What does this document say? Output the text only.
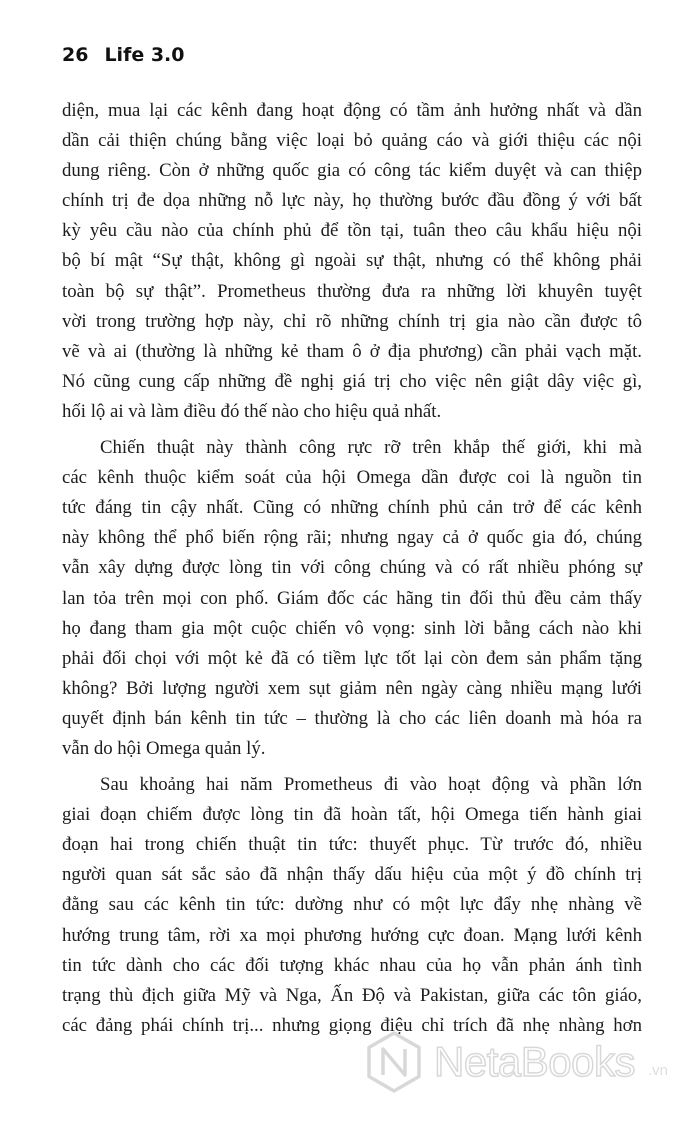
26 Life 3.0

diện, mua lại các kênh đang hoạt động có tầm ảnh hưởng nhất và dần
dần cải thiện chúng bằng việc loại bỏ quảng cáo và giới thiệu các nội
dung riêng. Còn ở những quốc gia có công tác kiểm duyệt và can thiệp
chính trị đe dọa những nỗ lực này, họ thường bước đầu đồng ý với bất
kỳ yêu cầu nào của chính phủ để tồn tại, tuân theo câu khẩu hiệu nội
bộ bí mật “Sự thật, không gì ngoài sự thật, nhưng có thể không phải
toàn bộ sự thật”. Prometheus thường đưa ra những lời khuyên tuyệt
vời trong trường hợp này, chỉ rõ những chính trị gia nào cần được tô
vẽ và ai (thường là những kẻ tham ô ở địa phương) cần phải vạch mặt.
Nó cũng cung cấp những đề nghị giá trị cho việc nên giật dây việc gì,
hối lộ ai và làm điều đó thế nào cho hiệu quả nhất.

Chiến thuật này thành công rực rỡ trên khắp thế giới, khi mà
các kênh thuộc kiểm soát của hội Omega dần được coi là nguồn tin
tức đáng tin cậy nhất. Cũng có những chính phủ cản trở để các kênh
này không thể phổ biến rộng rãi; nhưng ngay cả ở quốc gia đó, chúng
vẫn xây dựng được lòng tin với công chúng và có rất nhiều phóng sự
lan tỏa trên mọi con phố. Giám đốc các hãng tin đối thủ đều cảm thấy
họ đang tham gia một cuộc chiến vô vọng: sinh lời bằng cách nào khi
phải đối chọi với một kẻ đã có tiềm lực tốt lại còn đem sản phẩm tặng
không? Bởi lượng người xem sụt giảm nên ngày càng nhiều mạng lưới
quyết định bán kênh tin tức – thường là cho các liên doanh mà hóa ra
vẫn do hội Omega quản lý.

Sau khoảng hai năm Prometheus đi vào hoạt động và phần lớn
giai đoạn chiếm được lòng tin đã hoàn tất, hội Omega tiến hành giai
đoạn hai trong chiến thuật tin tức: thuyết phục. Từ trước đó, nhiều
người quan sát sắc sảo đã nhận thấy dấu hiệu của một ý đồ chính trị
đằng sau các kênh tin tức: dường như có một lực đẩy nhẹ nhàng về
hướng trung tâm, rời xa mọi phương hướng cực đoan. Mạng lưới kênh
tin tức dành cho các đối tượng khác nhau của họ vẫn phản ánh tình
trạng thù địch giữa Mỹ và Nga, Ấn Độ và Pakistan, giữa các tôn giáo,
các đảng phái chính trị... nhưng giọng điệu chỉ trích đã nhẹ nhàng hơn

NetaBooks .vn
